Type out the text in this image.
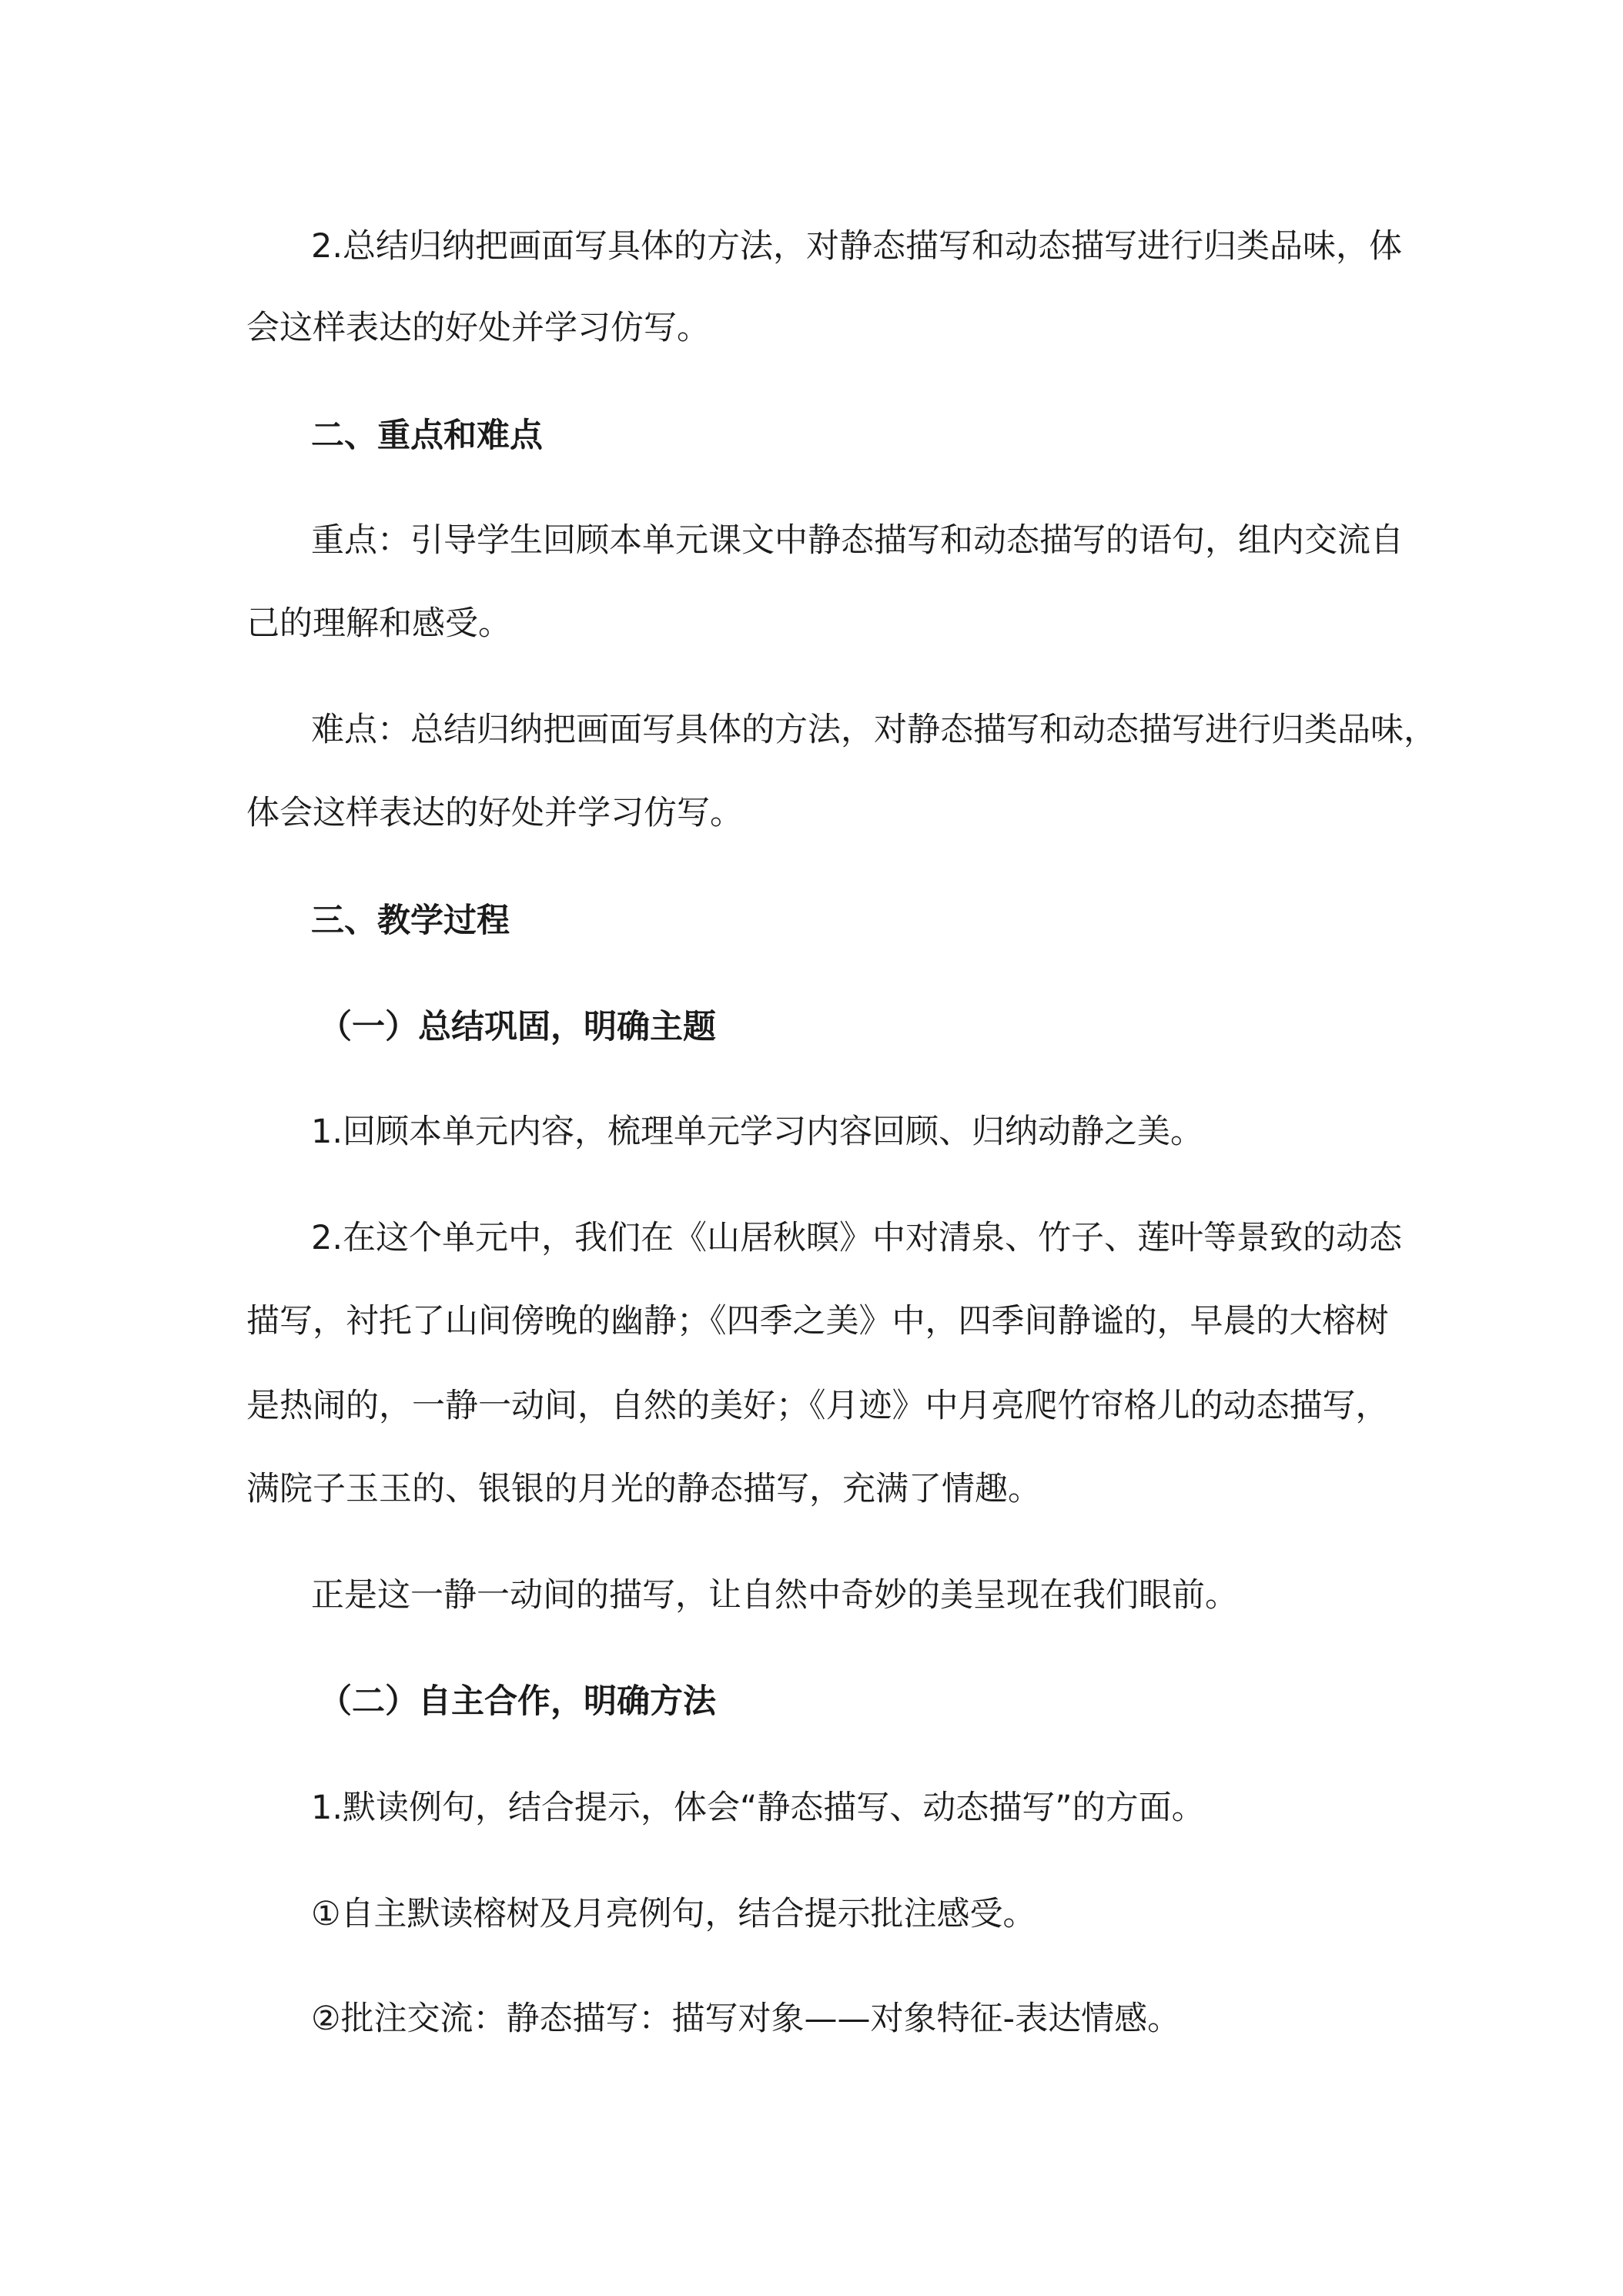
2.总结归纳把画面写具体的方法，对静态描写和动态描写进行归类品味，体
会这样表达的好处并学习仿写。
二、重点和难点
重点：引导学生回顾本单元课文中静态描写和动态描写的语句，组内交流自
己的理解和感受。
难点：总结归纳把画面写具体的方法，对静态描写和动态描写进行归类品味，
体会这样表达的好处并学习仿写。
三、教学过程
（一）总结巩固，明确主题
1.回顾本单元内容，梳理单元学习内容回顾、归纳动静之美。
2.在这个单元中，我们在《山居秋暝》中对清泉、竹子、莲叶等景致的动态
描写，衬托了山间傍晚的幽静；《四季之美》中，四季间静谧的，早晨的大榕树
是热闹的，一静一动间，自然的美好；《月迹》中月亮爬竹帘格儿的动态描写，
满院子玉玉的、银银的月光的静态描写，充满了情趣。
正是这一静一动间的描写，让自然中奇妙的美呈现在我们眼前。
（二）自主合作，明确方法
1.默读例句，结合提示，体会“静态描写、动态描写”的方面。
①自主默读榕树及月亮例句，结合提示批注感受。
②批注交流：静态描写：描写对象——对象特征-表达情感。
